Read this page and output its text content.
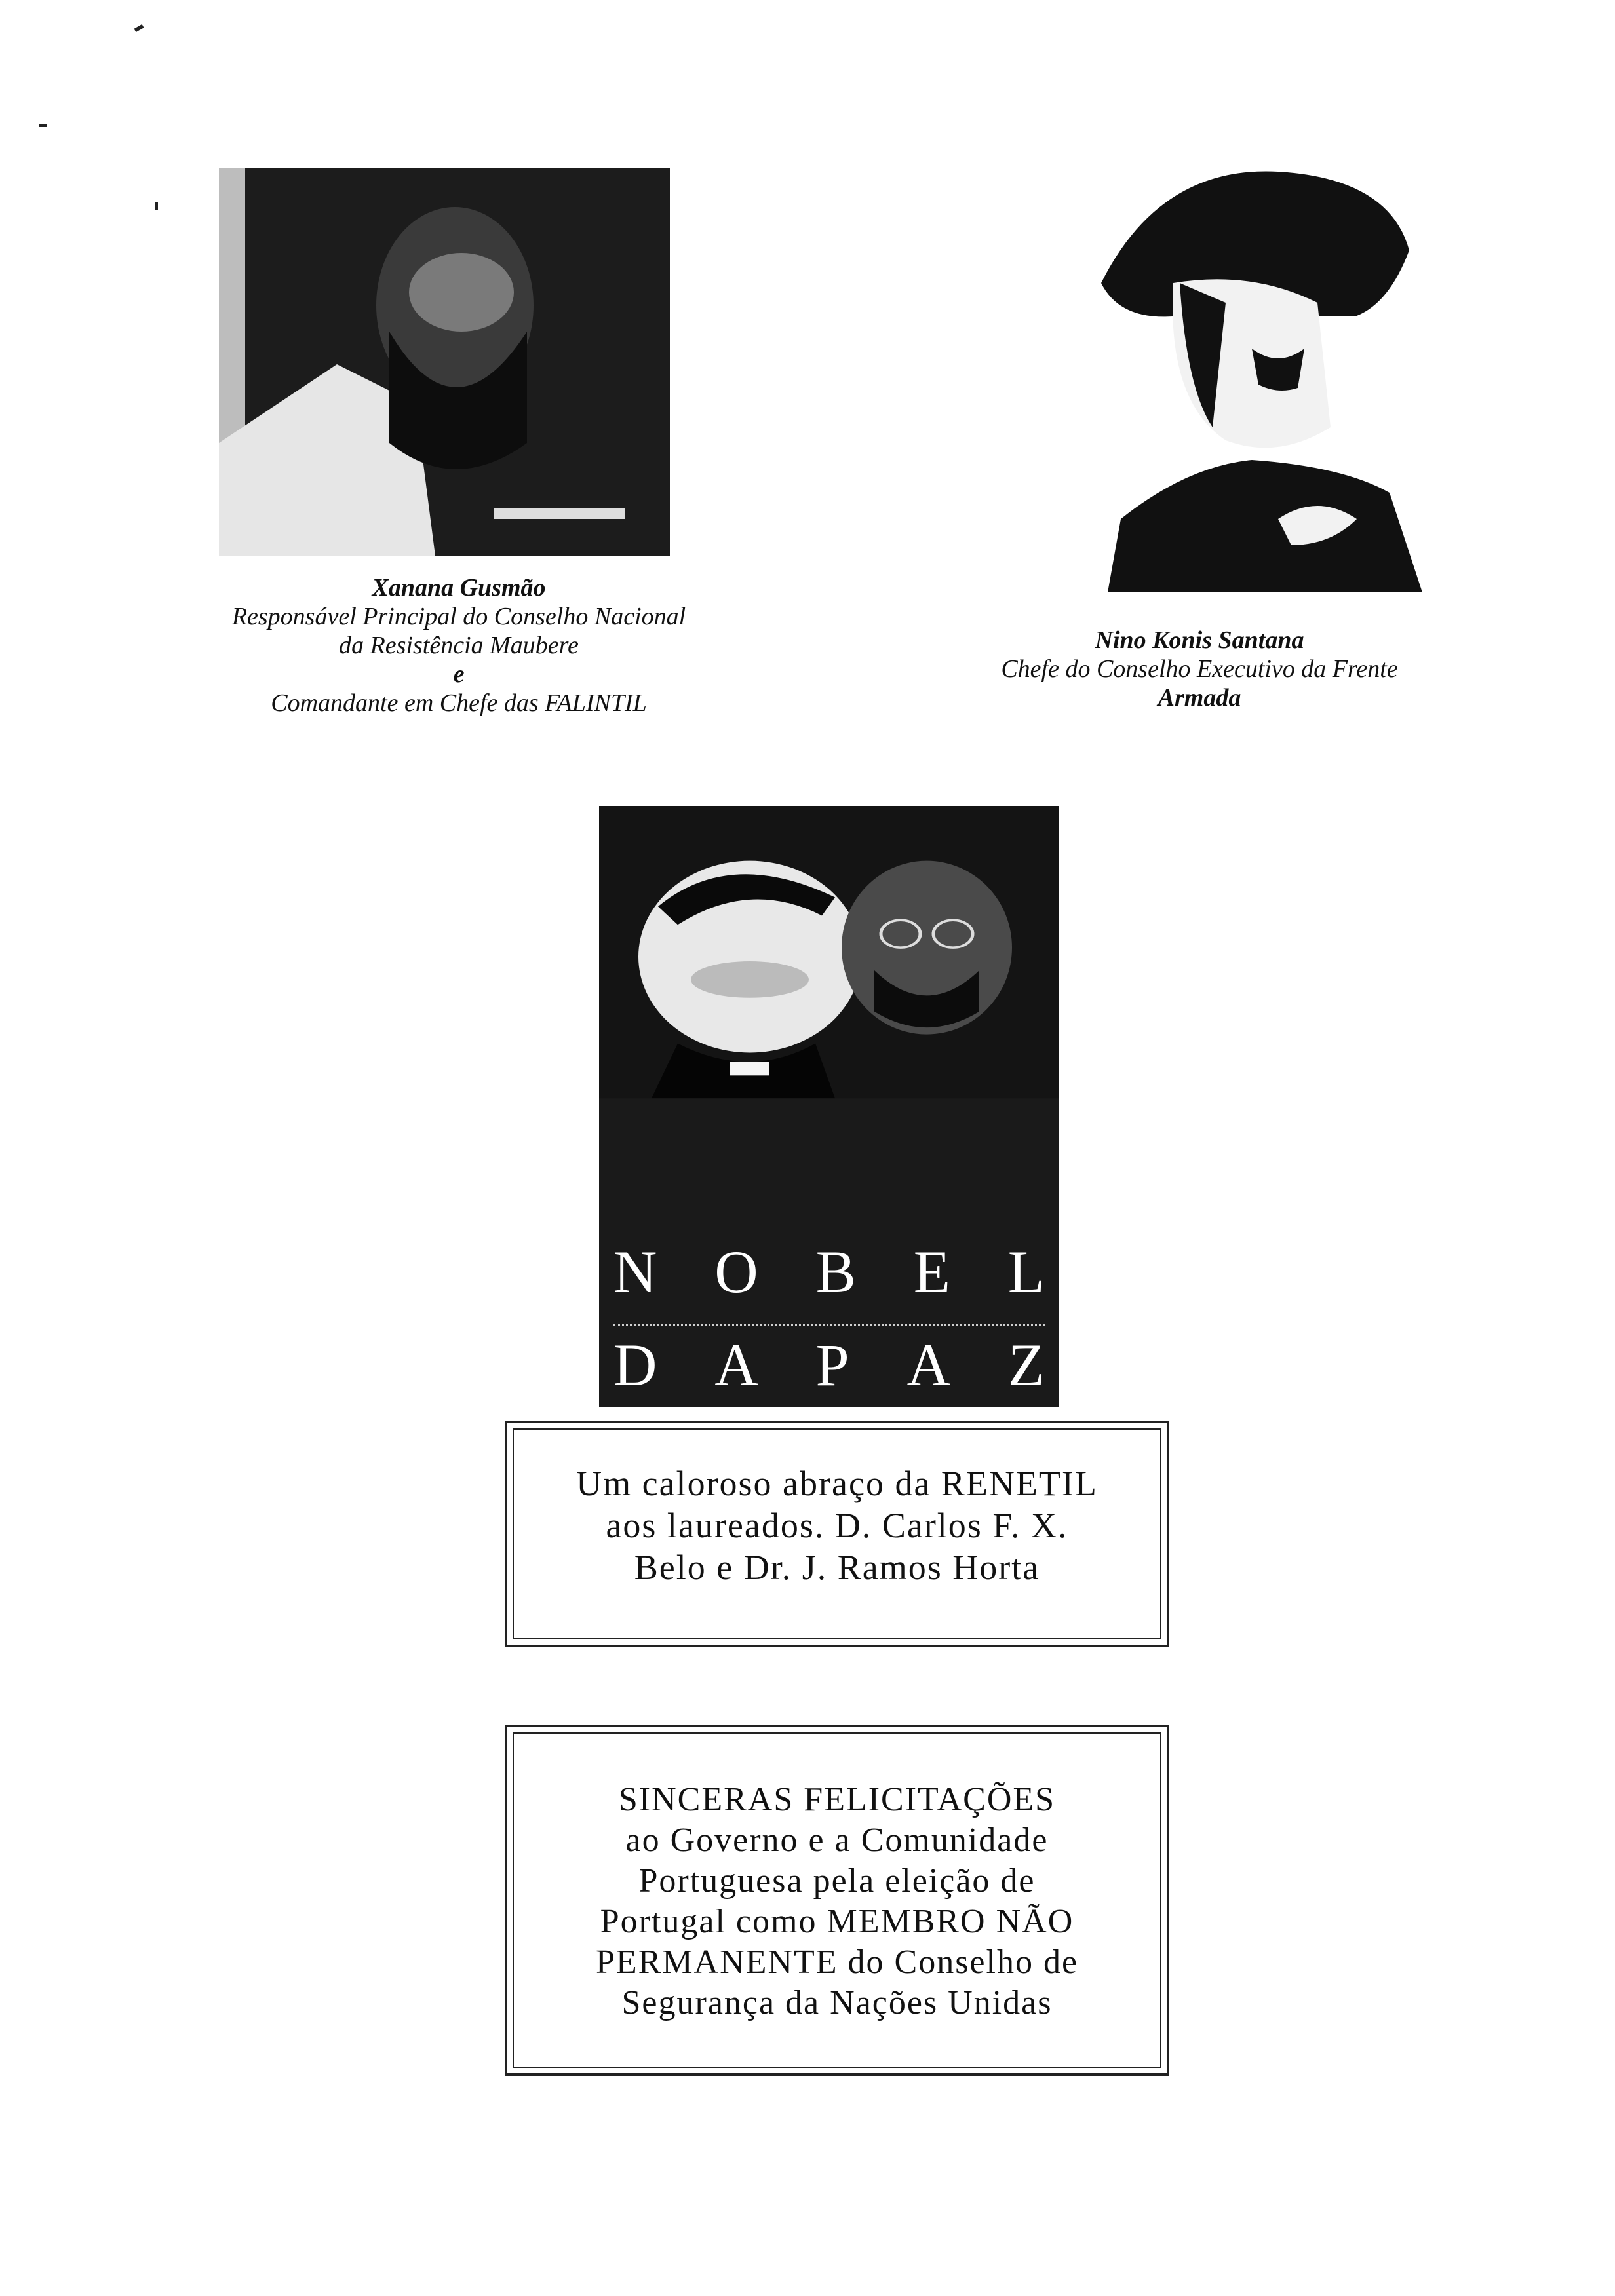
Xanana Gusmão
Responsável Principal do Conselho Nacional
da Resistência Maubere
e
Comandante em Chefe das FALINTIL
Nino Konis Santana
Chefe do Conselho Executivo da Frente
Armada
N O B E L
D A P A Z
Um caloroso abraço da RENETIL
aos laureados. D. Carlos F. X.
Belo e Dr. J. Ramos Horta
SINCERAS FELICITAÇÕES
ao Governo e a Comunidade
Portuguesa pela eleição de
Portugal como MEMBRO NÃO
PERMANENTE do Conselho de
Segurança da Nações Unidas
